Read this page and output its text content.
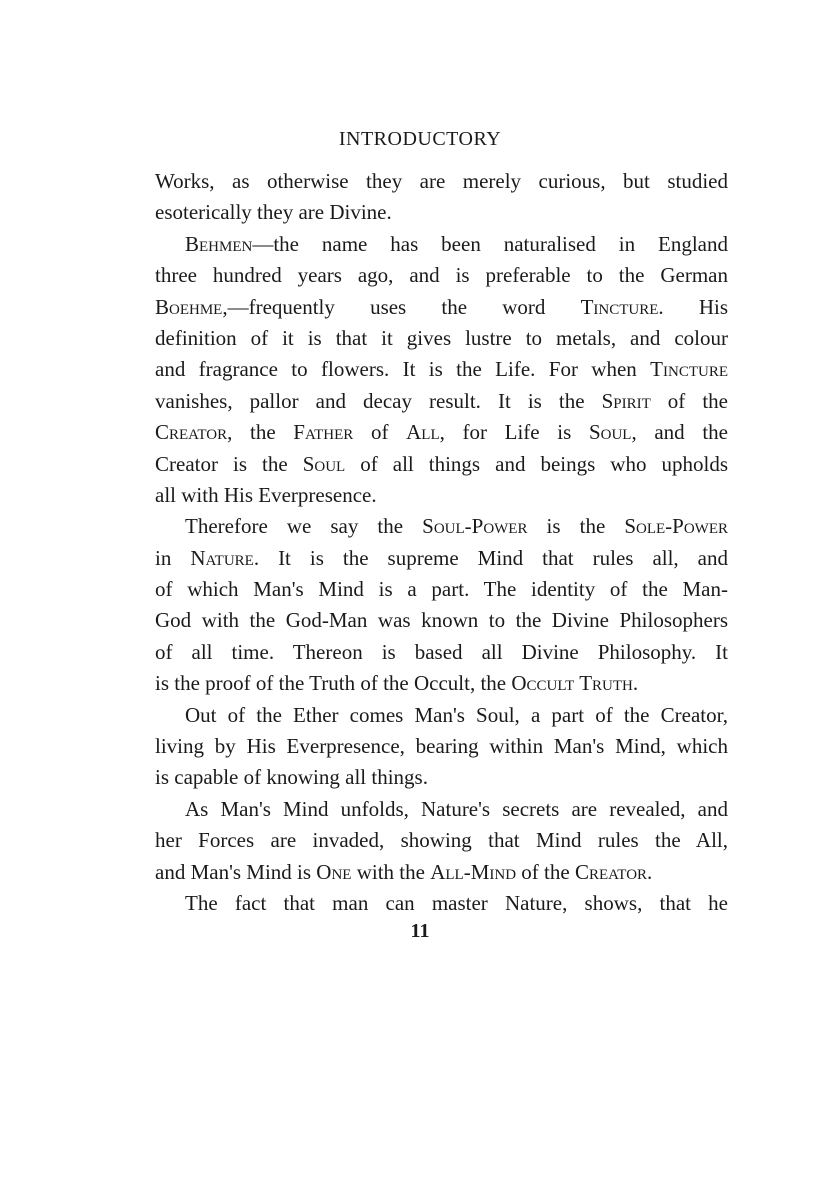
INTRODUCTORY
Works, as otherwise they are merely curious, but studied
esoterically they are Divine.
Behmen—the name has been naturalised in England
three hundred years ago, and is preferable to the German
Boehme,—frequently uses the word Tincture. His
definition of it is that it gives lustre to metals, and colour
and fragrance to flowers. It is the Life. For when Tincture
vanishes, pallor and decay result. It is the Spirit of the
Creator, the Father of All, for Life is Soul, and the
Creator is the Soul of all things and beings who upholds
all with His Everpresence.
Therefore we say the Soul-Power is the Sole-Power
in Nature. It is the supreme Mind that rules all, and
of which Man's Mind is a part. The identity of the Man-
God with the God-Man was known to the Divine Philosophers
of all time. Thereon is based all Divine Philosophy. It
is the proof of the Truth of the Occult, the Occult Truth.
Out of the Ether comes Man's Soul, a part of the Creator,
living by His Everpresence, bearing within Man's Mind, which
is capable of knowing all things.
As Man's Mind unfolds, Nature's secrets are revealed, and
her Forces are invaded, showing that Mind rules the All,
and Man's Mind is One with the All-Mind of the Creator.
The fact that man can master Nature, shows, that he
11
